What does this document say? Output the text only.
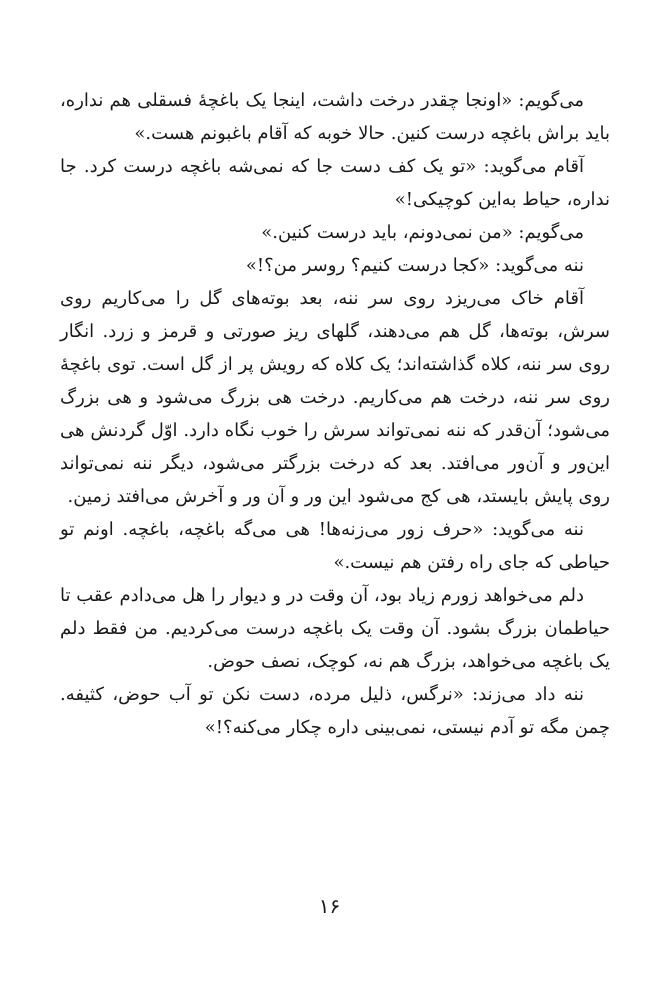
می‌گویم: «اونجا چقدر درخت داشت، اینجا یک باغچهٔ فسقلی هم نداره، باید براش باغچه درست کنین. حالا خوبه که آقام باغبونم هست.»

آقام می‌گوید: «تو یک کف دست جا که نمی‌شه باغچه درست کرد. جا نداره، حیاط به‌این کوچیکی!»

می‌گویم: «من نمی‌دونم، باید درست کنین.»

ننه می‌گوید: «کجا درست کنیم؟ روسر من؟!»

آقام خاک می‌ریزد روی سر ننه، بعد بوته‌های گل را می‌کاریم روی سرش، بوته‌ها، گل هم می‌دهند، گلهای ریز صورتی و قرمز و زرد. انگار روی سر ننه، کلاه گذاشته‌اند؛ یک کلاه که رویش پر از گل است. توی باغچهٔ روی سر ننه، درخت هم می‌کاریم. درخت هی بزرگ می‌شود و هی بزرگ می‌شود؛ آن‌قدر که ننه نمی‌تواند سرش را خوب نگاه دارد. اوّل گردنش هی این‌ور و آن‌ور می‌افتد. بعد که درخت بزرگتر می‌شود، دیگر ننه نمی‌تواند روی پایش بایستد، هی کج می‌شود این ور و آن ور و آخرش می‌افتد زمین.

ننه می‌گوید: «حرف زور می‌زنه‌ها! هی می‌گه باغچه، باغچه. اونم تو حیاطی که جای راه رفتن هم نیست.»

دلم می‌خواهد زورم زیاد بود، آن وقت در و دیوار را هل می‌دادم عقب تا حیاطمان بزرگ بشود. آن وقت یک باغچه درست می‌کردیم. من فقط دلم یک باغچه می‌خواهد، بزرگ هم نه، کوچک، نصف حوض.

ننه داد می‌زند: «نرگس، ذلیل مرده، دست نکن تو آب حوض، کثیفه. چمن مگه تو آدم نیستی، نمی‌بینی داره چکار می‌کنه؟!»

۱۶
